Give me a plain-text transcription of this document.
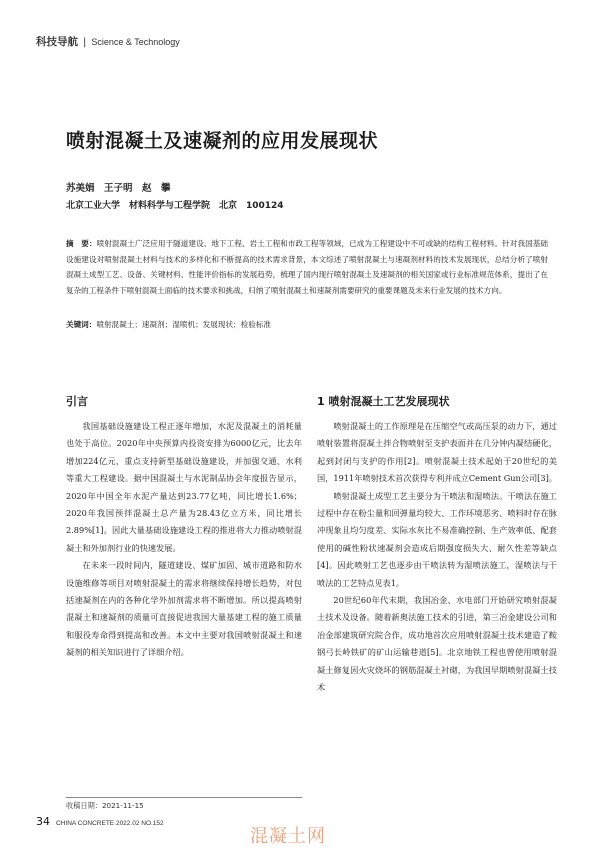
科技导航 | Science & Technology
喷射混凝土及速凝剂的应用发展现状
苏美娟　王子明　赵　攀
北京工业大学　材料科学与工程学院　北京　100124
摘　要：喷射混凝土广泛应用于隧道建设、地下工程、岩土工程和市政工程等领域，已成为工程建设中不可或缺的结构工程材料。针对我国基础设施建设对喷射混凝土材料与技术的多样化和不断提高的技术需求背景，本文综述了喷射混凝土与速凝剂材料的技术发展现状，总结分析了喷射混凝土成型工艺、设备、关键材料、性能评价指标的发展趋势，梳理了国内现行喷射混凝土及速凝剂的相关国家或行业标准规范体系，提出了在复杂的工程条件下喷射混凝土面临的技术要求和挑战，归纳了喷射混凝土和速凝剂需要研究的重要课题及未来行业发展的技术方向。
关键词：喷射混凝土；速凝剂；湿喷机；发展现状；检验标准
引言	1 喷射混凝土工艺发展现状

我国基础设施建设工程正逐年增加，水泥及混凝土的消耗量也处于高位。2020年中央预算内投资安排为6000亿元，比去年增加224亿元，重点支持新型基础设施建设，并加强交通、水利等重大工程建设。据中国混凝土与水泥制品协会年度报告显示，2020年中国全年水泥产量达到23.77亿吨，同比增长1.6%；2020年我国预拌混凝土总产量为28.43亿立方米，同比增长2.89%[1]。因此大量基础设施建设工程的推进将大力推动喷射混凝土和外加剂行业的快速发展。

在未来一段时间内，隧道建设、煤矿加固、城市道路和防水设施维修等项目对喷射混凝土的需求将继续保持增长趋势，对包括速凝剂在内的各种化学外加剂需求将不断增加。所以提高喷射混凝土和速凝剂的质量可直接促进我国大量基建工程的施工质量和服役寿命得到提高和改善。本文中主要对我国喷射混凝土和速凝剂的相关知识进行了详细介绍。

喷射混凝土的工作原理是在压缩空气或高压泵的动力下，通过喷射装置将混凝土拌合物喷射至支护表面并在几分钟内凝结硬化，起到封闭与支护的作用[2]。喷射混凝土技术起始于20世纪的美国，1911年喷射技术首次获得专利并成立Cement Gun公司[3]。

喷射混凝土成型工艺主要分为干喷法和湿喷法。干喷法在施工过程中存在粉尘量和回弹量均较大、工作环境恶劣、喷料时存在脉冲现象且均匀度差、实际水灰比不易准确控制、生产效率低、配套使用的碱性粉状速凝剂会造成后期强度损失大、耐久性差等缺点[4]。因此喷射工艺也逐步由干喷法转为湿喷法施工，湿喷法与干喷法的工艺特点见表1。

20世纪60年代末期，我国冶金、水电部门开始研究喷射混凝土技术及设备。随着新奥法施工技术的引进，第三冶金建设公司和冶金部建筑研究院合作，成功地首次应用喷射混凝土技术建造了鞍钢弓长岭铁矿的矿山运输巷道[5]。北京地铁工程也曾使用喷射混凝土修复因火灾烧坏的钢筋混凝土衬砌，为我国早期喷射混凝土技术

收稿日期：2021-11-15
34 CHINA CONCRETE 2022.02 NO.152
混凝土网
